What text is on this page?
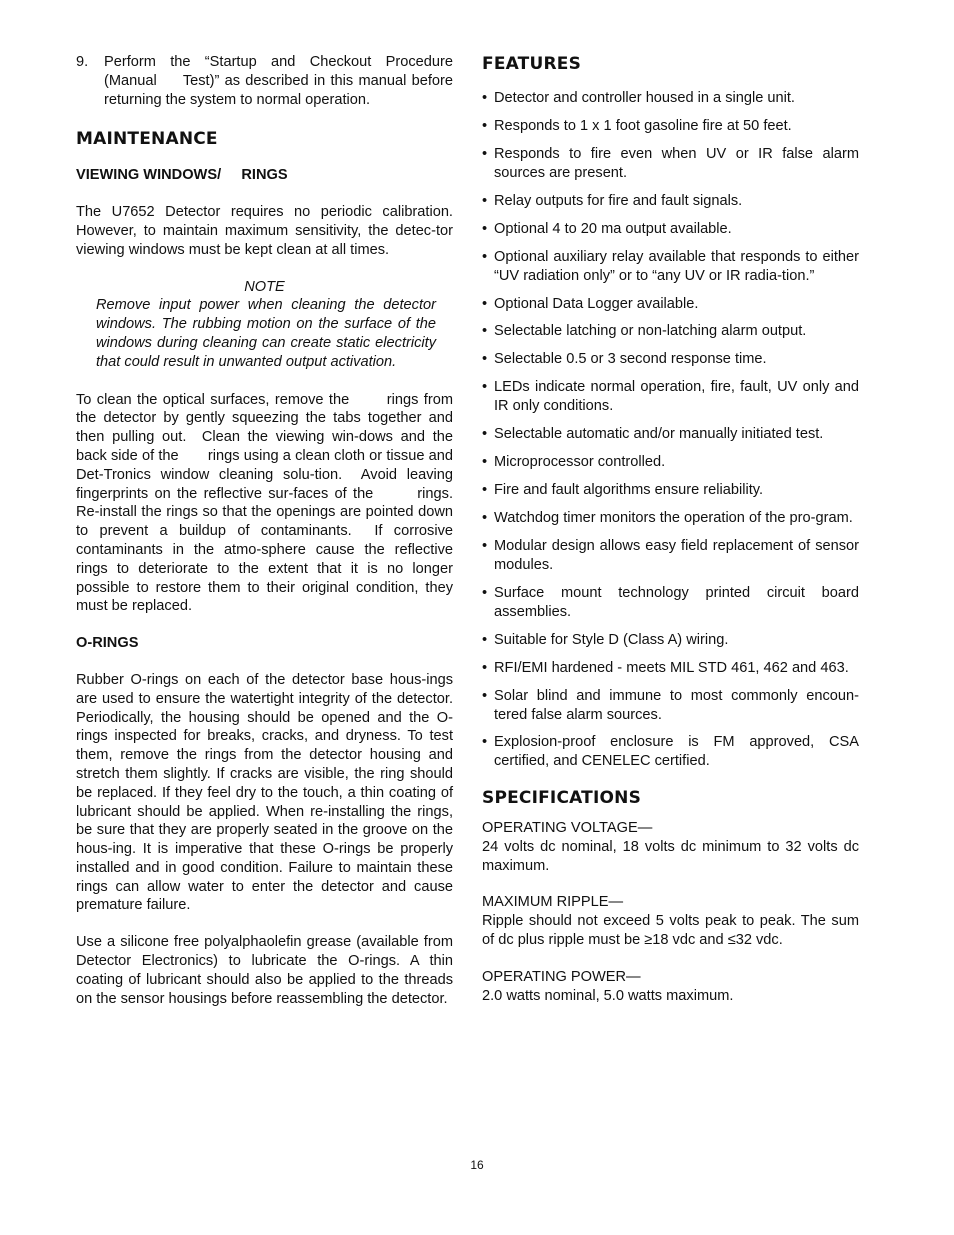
9.	Perform the “Startup and Checkout Procedure (Manual     Test)” as described in this manual before returning the system to normal operation.
MAINTENANCE
VIEWING WINDOWS/     RINGS

The U7652 Detector requires no periodic calibration. However, to maintain maximum sensitivity, the detec-tor viewing windows must be kept clean at all times.

NOTE

Remove input power when cleaning the detector windows. The rubbing motion on the surface of the windows during cleaning can create static electricity that could result in unwanted output activation.

To clean the optical surfaces, remove the       rings from the detector by gently squeezing the tabs together and then pulling out.  Clean the viewing win-dows and the back side of the       rings using a clean cloth or tissue and Det-Tronics window cleaning solu-tion.  Avoid leaving fingerprints on the reflective sur-faces of the       rings.  Re-install the rings so that the openings are pointed down to prevent a buildup of contaminants.  If corrosive contaminants in the atmo-sphere cause the reflective rings to deteriorate to the extent that it is no longer possible to restore them to their original condition, they must be replaced.

O-RINGS

Rubber O-rings on each of the detector base hous-ings are used to ensure the watertight integrity of the detector. Periodically, the housing should be opened and the O-rings inspected for breaks, cracks, and dryness. To test them, remove the rings from the detector housing and stretch them slightly. If cracks are visible, the ring should be replaced. If they feel dry to the touch, a thin coating of lubricant should be applied. When re-installing the rings, be sure that they are properly seated in the groove on the hous-ing. It is imperative that these O-rings be properly installed and in good condition. Failure to maintain these rings can allow water to enter the detector and cause premature failure.

Use a silicone free polyalphaolefin grease (available from Detector Electronics) to lubricate the O-rings. A thin coating of lubricant should also be applied to the threads on the sensor housings before reassembling the detector.

FEATURES
• Detector and controller housed in a single unit.
• Responds to 1 x 1 foot gasoline fire at 50 feet.
• Responds to fire even when UV or IR false alarm sources are present.
• Relay outputs for fire and fault signals.
• Optional 4 to 20 ma output available.
• Optional auxiliary relay available that responds to either “UV radiation only” or to “any UV or IR radia-tion.”
• Optional Data Logger available.
• Selectable latching or non-latching alarm output.
• Selectable 0.5 or 3 second response time.
• LEDs indicate normal operation, fire, fault, UV only and IR only conditions.
• Selectable automatic and/or manually initiated test.
• Microprocessor controlled.
• Fire and fault algorithms ensure reliability.
• Watchdog timer monitors the operation of the pro-gram.
• Modular design allows easy field replacement of sensor modules.
• Surface mount technology printed circuit board assemblies.
• Suitable for Style D (Class A) wiring.
• RFI/EMI hardened - meets MIL STD 461, 462 and 463.
• Solar blind and immune to most commonly encoun-tered false alarm sources.
• Explosion-proof enclosure is FM approved, CSA certified, and CENELEC certified.
SPECIFICATIONS
OPERATING VOLTAGE—

24 volts dc nominal, 18 volts dc minimum to 32 volts dc maximum.

MAXIMUM RIPPLE—

Ripple should not exceed 5 volts peak to peak. The sum of dc plus ripple must be ≥18 vdc and ≤32 vdc.

OPERATING POWER—

2.0 watts nominal, 5.0 watts maximum.

16
